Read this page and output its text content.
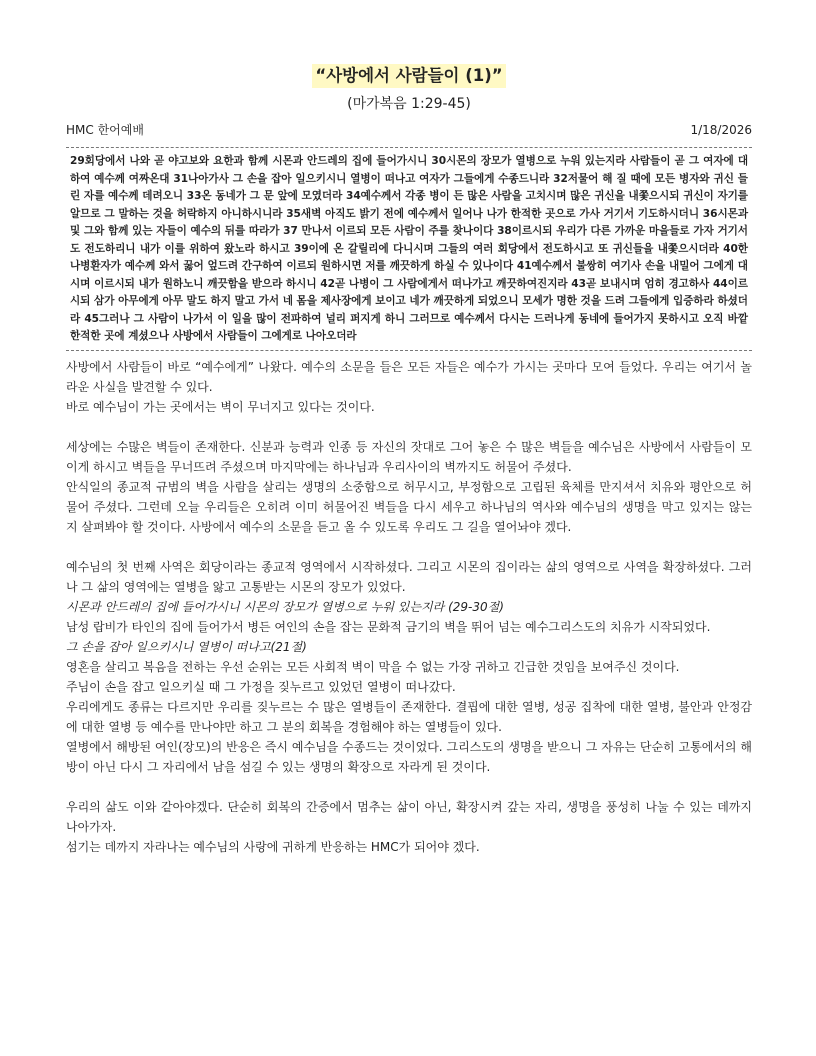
“사방에서 사람들이 (1)”
(마가복음 1:29-45)
HMC 한어예배	1/18/2026
29회당에서 나와 곧 야고보와 요한과 함께 시몬과 안드레의 집에 들어가시니 30시몬의 장모가 열병으로 누워 있는지라 사람들이 곧 그 여자에 대하여 예수께 여짜온대 31나아가사 그 손을 잡아 일으키시니 열병이 떠나고 여자가 그들에게 수종드니라 32저물어 해 질 때에 모든 병자와 귀신 들린 자를 예수께 데려오니 33온 동네가 그 문 앞에 모였더라 34예수께서 각종 병이 든 많은 사람을 고치시며 많은 귀신을 내쫓으시되 귀신이 자기를 알므로 그 말하는 것을 허락하지 아니하시니라 35새벽 아직도 밝기 전에 예수께서 일어나 나가 한적한 곳으로 가사 거기서 기도하시더니 36시몬과 및 그와 함께 있는 자들이 예수의 뒤를 따라가 37 만나서 이르되 모든 사람이 주를 찾나이다 38이르시되 우리가 다른 가까운 마을들로 가자 거기서도 전도하리니 내가 이를 위하여 왔노라 하시고 39이에 온 갈릴리에 다니시며 그들의 여러 회당에서 전도하시고 또 귀신들을 내쫓으시더라 40한 나병환자가 예수께 와서 꿇어 엎드려 간구하여 이르되 원하시면 저를 깨끗하게 하실 수 있나이다 41예수께서 불쌍히 여기사 손을 내밀어 그에게 대시며 이르시되 내가 원하노니 깨끗함을 받으라 하시니 42곧 나병이 그 사람에게서 떠나가고 깨끗하여진지라 43곧 보내시며 엄히 경고하사 44이르시되 삼가 아무에게 아무 말도 하지 말고 가서 네 몸을 제사장에게 보이고 네가 깨끗하게 되었으니 모세가 명한 것을 드려 그들에게 입증하라 하셨더라 45그러나 그 사람이 나가서 이 일을 많이 전파하여 널리 퍼지게 하니 그러므로 예수께서 다시는 드러나게 동네에 들어가지 못하시고 오직 바깥 한적한 곳에 계셨으나 사방에서 사람들이 그에게로 나아오더라

사방에서 사람들이 바로 “예수에게” 나왔다. 예수의 소문을 들은 모든 자들은 예수가 가시는 곳마다 모여 들었다. 우리는 여기서 놀라운 사실을 발견할 수 있다.

바로 예수님이 가는 곳에서는 벽이 무너지고 있다는 것이다.

세상에는 수많은 벽들이 존재한다. 신분과 능력과 인종 등 자신의 잣대로 그어 놓은 수 많은 벽들을 예수님은 사방에서 사람들이 모이게 하시고 벽들을 무너뜨려 주셨으며 마지막에는 하나님과 우리사이의 벽까지도 허물어 주셨다.

안식일의 종교적 규범의 벽을 사람을 살리는 생명의 소중함으로 허무시고, 부정함으로 고립된 육체를 만지셔서 치유와 평안으로 허물어 주셨다. 그런데 오늘 우리들은 오히려 이미 허물어진 벽들을 다시 세우고 하나님의 역사와 예수님의 생명을 막고 있지는 않는 지 살펴봐야 할 것이다. 사방에서 예수의 소문을 듣고 올 수 있도록 우리도 그 길을 열어놔야 겠다.

예수님의 첫 번째 사역은 회당이라는 종교적 영역에서 시작하셨다. 그리고 시몬의 집이라는 삶의 영역으로 사역을 확장하셨다. 그러나 그 삶의 영역에는 열병을 앓고 고통받는 시몬의 장모가 있었다.

시몬과 안드레의 집에 들어가시니 시몬의 장모가 열병으로 누워 있는지라 (29-30절)

남성 랍비가 타인의 집에 들어가서 병든 여인의 손을 잡는 문화적 금기의 벽을 뛰어 넘는 예수그리스도의 치유가 시작되었다.

그 손을 잡아 일으키시니 열병이 떠나고(21절)

영혼을 살리고 복음을 전하는 우선 순위는 모든 사회적 벽이 막을 수 없는 가장 귀하고 긴급한 것임을 보여주신 것이다.

주님이 손을 잡고 일으키실 때 그 가정을 짖누르고 있었던 열병이 떠나갔다.

우리에게도 종류는 다르지만 우리를 짖누르는 수 많은 열병들이 존재한다. 결핍에 대한 열병, 성공 집착에 대한 열병, 불안과 안정감에 대한 열병 등 예수를 만나야만 하고 그 분의 회복을 경험해야 하는 열병들이 있다.

열병에서 해방된 여인(장모)의 반응은 즉시 예수님을 수종드는 것이었다. 그리스도의 생명을 받으니 그 자유는 단순히 고통에서의 해방이 아닌 다시 그 자리에서 남을 섬길 수 있는 생명의 확장으로 자라게 된 것이다.

우리의 삶도 이와 같아야겠다. 단순히 회복의 간증에서 멈추는 삶이 아닌, 확장시켜 갚는 자리, 생명을 풍성히 나눌 수 있는 데까지 나아가자.

섬기는 데까지 자라나는 예수님의 사랑에 귀하게 반응하는 HMC가 되어야 겠다.
